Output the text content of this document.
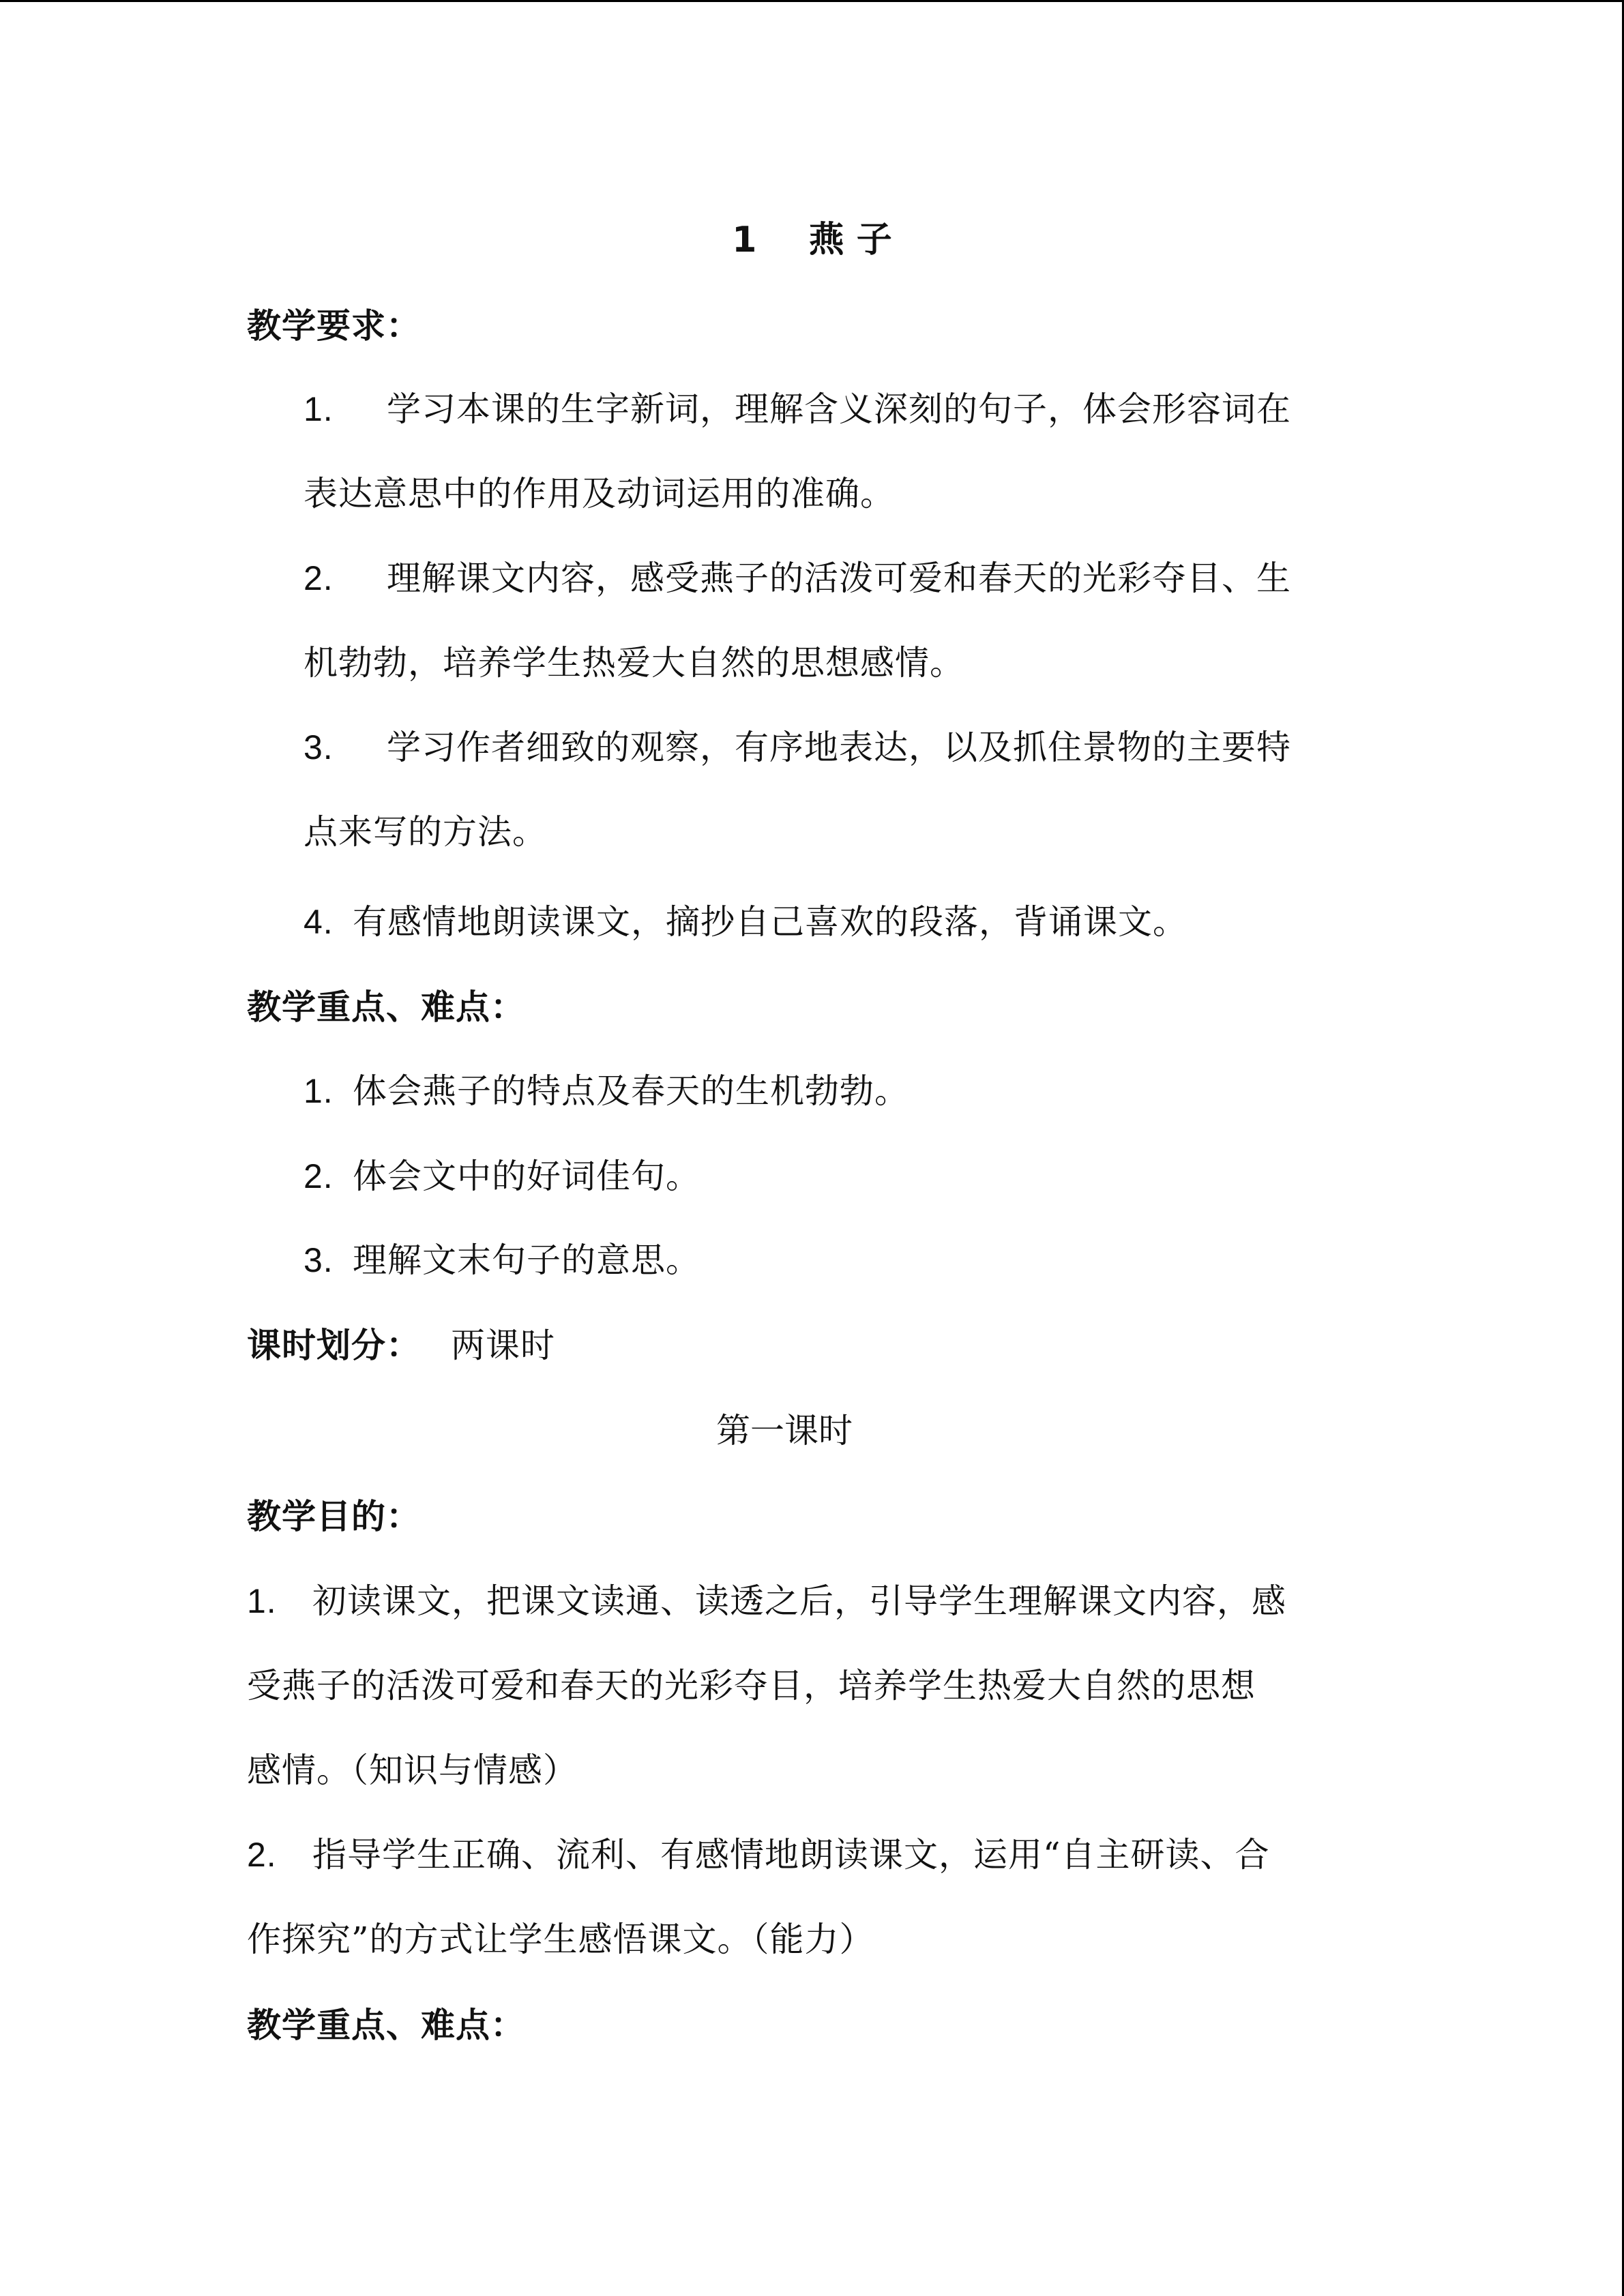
1 燕 子
教学要求：
1. 学习本课的生字新词，理解含义深刻的句子，体会形容词在
表达意思中的作用及动词运用的准确。
2. 理解课文内容，感受燕子的活泼可爱和春天的光彩夺目、生
机勃勃，培养学生热爱大自然的思想感情。
3. 学习作者细致的观察，有序地表达，以及抓住景物的主要特
点来写的方法。
4. 有感情地朗读课文，摘抄自己喜欢的段落，背诵课文。
教学重点、难点：
1. 体会燕子的特点及春天的生机勃勃。
2. 体会文中的好词佳句。
3. 理解文末句子的意思。
课时划分： 两课时
第一课时
教学目的：
1. 初读课文，把课文读通、读透之后，引导学生理解课文内容，感
受燕子的活泼可爱和春天的光彩夺目，培养学生热爱大自然的思想
感情。（知识与情感）
2. 指导学生正确、流利、有感情地朗读课文，运用“自主研读、合
作探究”的方式让学生感悟课文。（能力）
教学重点、难点：
